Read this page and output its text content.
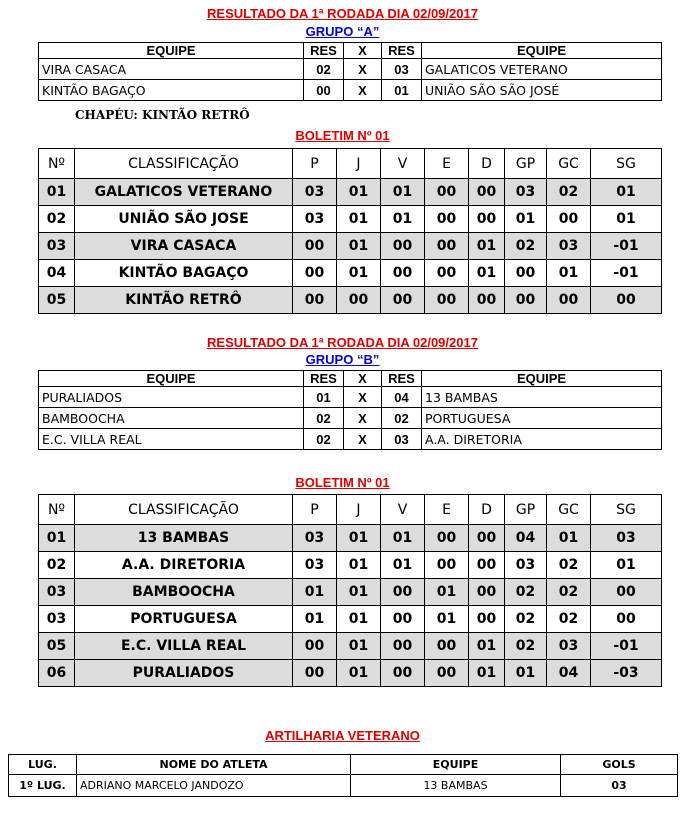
RESULTADO DA 1ª RODADA DIA 02/09/2017
GRUPO “A”
EQUIPE	RES	X	RES	EQUIPE
VIRA CASACA	02	X	03	GALATICOS VETERANO
KINTÃO BAGAÇO	00	X	01	UNIÃO SÃO SÃO JOSÉ
CHAPÉU: KINTÃO RETRÔ
BOLETIM Nº 01
Nº	CLASSIFICAÇÃO	P	J	V	E	D	GP	GC	SG
01	GALATICOS VETERANO	03	01	01	00	00	03	02	01
02	UNIÃO SÃO JOSE	03	01	01	00	00	01	00	01
03	VIRA CASACA	00	01	00	00	01	02	03	-01
04	KINTÃO BAGAÇO	00	01	00	00	01	00	01	-01
05	KINTÃO RETRÔ	00	00	00	00	00	00	00	00
RESULTADO DA 1ª RODADA DIA 02/09/2017
GRUPO “B”
EQUIPE	RES	X	RES	EQUIPE
PURALIADOS	01	X	04	13 BAMBAS
BAMBOOCHA	02	X	02	PORTUGUESA
E.C. VILLA REAL	02	X	03	A.A. DIRETORIA
BOLETIM Nº 01
Nº	CLASSIFICAÇÃO	P	J	V	E	D	GP	GC	SG
01	13 BAMBAS	03	01	01	00	00	04	01	03
02	A.A. DIRETORIA	03	01	01	00	00	03	02	01
03	BAMBOOCHA	01	01	00	01	00	02	02	00
03	PORTUGUESA	01	01	00	01	00	02	02	00
05	E.C. VILLA REAL	00	01	00	00	01	02	03	-01
06	PURALIADOS	00	01	00	00	01	01	04	-03
ARTILHARIA VETERANO
LUG.	NOME DO ATLETA	EQUIPE	GOLS
1º LUG.	ADRIANO MARCELO JANDOZO	13 BAMBAS	03
